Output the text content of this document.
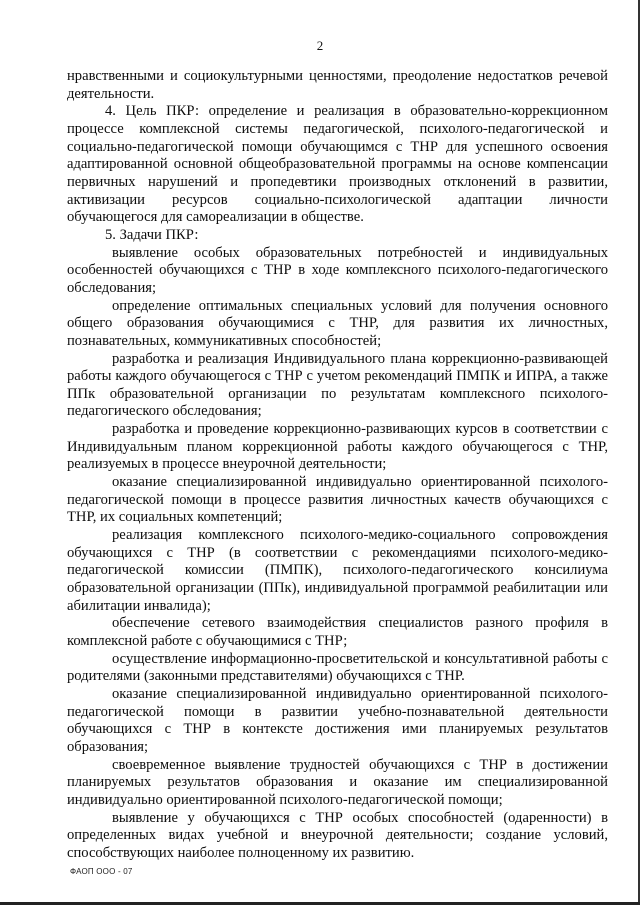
2

нравственными и социокультурными ценностями, преодоление недостатков речевой деятельности.

4. Цель ПКР: определение и реализация в образовательно-коррекционном процессе комплексной системы педагогической, психолого-педагогической и социально-педагогической помощи обучающимся с ТНР для успешного освоения адаптированной основной общеобразовательной программы на основе компенсации первичных нарушений и пропедевтики производных отклонений в развитии, активизации ресурсов социально-психологической адаптации личности обучающегося для самореализации в обществе.

5. Задачи ПКР:

выявление особых образовательных потребностей и индивидуальных особенностей обучающихся с ТНР в ходе комплексного психолого-педагогического обследования;

определение оптимальных специальных условий для получения основного общего образования обучающимися с ТНР, для развития их личностных, познавательных, коммуникативных способностей;

разработка и реализация Индивидуального плана коррекционно-развивающей работы каждого обучающегося с ТНР с учетом рекомендаций ПМПК и ИПРА, а также ППк образовательной организации по результатам комплексного психолого-педагогического обследования;

разработка и проведение коррекционно-развивающих курсов в соответствии с Индивидуальным планом коррекционной работы каждого обучающегося с ТНР, реализуемых в процессе внеурочной деятельности;

оказание специализированной индивидуально ориентированной психолого-педагогической помощи в процессе развития личностных качеств обучающихся с ТНР, их социальных компетенций;

реализация комплексного психолого-медико-социального сопровождения обучающихся с ТНР (в соответствии с рекомендациями психолого-медико-педагогической комиссии (ПМПК), психолого-педагогического консилиума образовательной организации (ППк), индивидуальной программой реабилитации или абилитации инвалида);

обеспечение сетевого взаимодействия специалистов разного профиля в комплексной работе с обучающимися с ТНР;

осуществление информационно-просветительской и консультативной работы с родителями (законными представителями) обучающихся с ТНР.

оказание специализированной индивидуально ориентированной психолого-педагогической помощи в развитии учебно-познавательной деятельности обучающихся с ТНР в контексте достижения ими планируемых результатов образования;

своевременное выявление трудностей обучающихся с ТНР в достижении планируемых результатов образования и оказание им специализированной индивидуально ориентированной психолого-педагогической помощи;

выявление у обучающихся с ТНР особых способностей (одаренности) в определенных видах учебной и внеурочной деятельности; создание условий, способствующих наиболее полноценному их развитию.

ФАОП ООО - 07
